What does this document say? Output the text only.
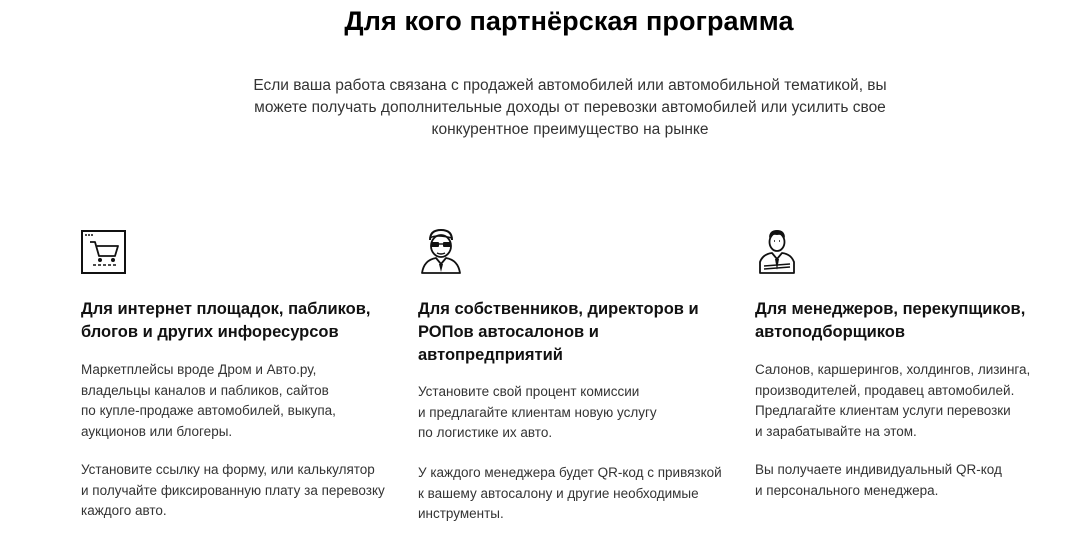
Для кого партнёрская программа
Если ваша работа связана с продажей автомобилей или автомобильной тематикой, вы можете получать дополнительные доходы от перевозки автомобилей или усилить свое конкурентное преимущество на рынке
Для интернет площадок, пабликов, блогов и других инфоресурсов
Маркетплейсы вроде Дром и Авто.ру,
владельцы каналов и пабликов, сайтов
по купле-продаже автомобилей, выкупа,
аукционов или блогеры.
Установите ссылку на форму, или калькулятор
и получайте фиксированную плату за перевозку
каждого авто.
Для собственников, директоров и РОПов автосалонов и автопредприятий
Установите свой процент комиссии
и предлагайте клиентам новую услугу
по логистике их авто.
У каждого менеджера будет QR-код с привязкой
к вашему автосалону и другие необходимые
инструменты.
Для менеджеров, перекупщиков, автоподборщиков
Салонов, каршерингов, холдингов, лизинга,
производителей, продавец автомобилей.
Предлагайте клиентам услуги перевозки
и зарабатывайте на этом.
Вы получаете индивидуальный QR-код
и персонального менеджера.
